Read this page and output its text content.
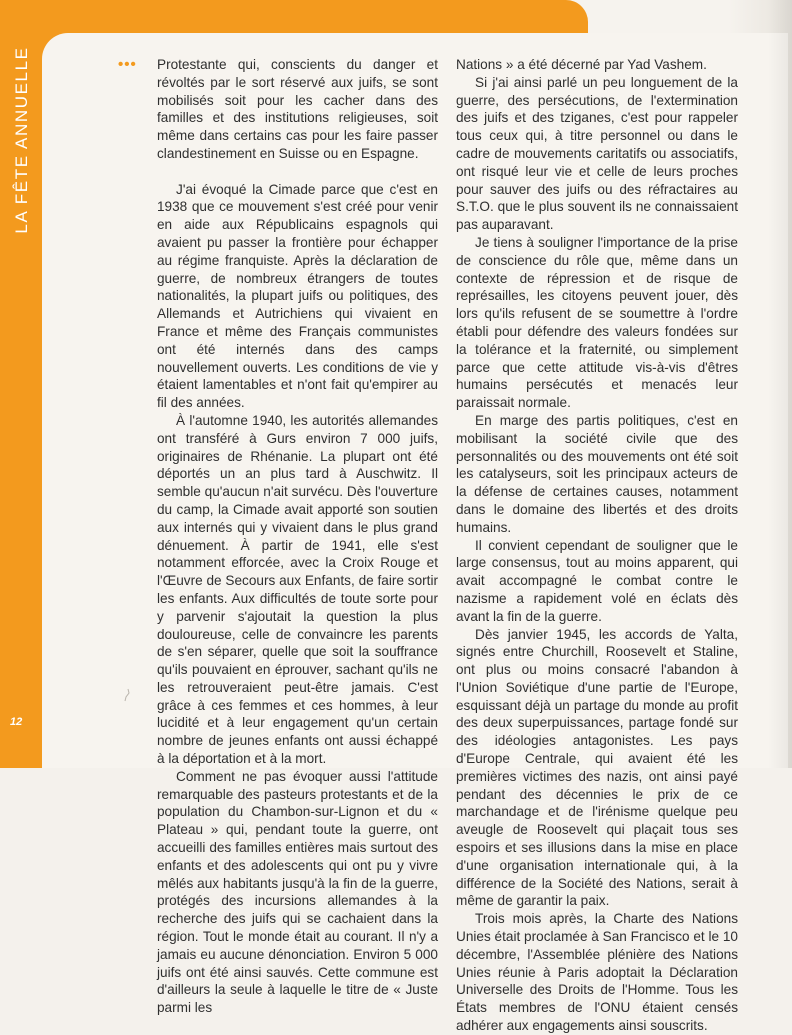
LA FÊTE ANNUELLE
12
••• Protestante qui, conscients du danger et révoltés par le sort réservé aux juifs, se sont mobilisés soit pour les cacher dans des familles et des institutions religieuses, soit même dans certains cas pour les faire passer clandestinement en Suisse ou en Espagne.

J'ai évoqué la Cimade parce que c'est en 1938 que ce mouvement s'est créé pour venir en aide aux Républicains espagnols qui avaient pu passer la frontière pour échapper au régime franquiste. Après la déclaration de guerre, de nombreux étrangers de toutes nationalités, la plupart juifs ou politiques, des Allemands et Autrichiens qui vivaient en France et même des Français communistes ont été internés dans des camps nouvellement ouverts. Les conditions de vie y étaient lamentables et n'ont fait qu'empirer au fil des années.

À l'automne 1940, les autorités allemandes ont transféré à Gurs environ 7 000 juifs, originaires de Rhénanie. La plupart ont été déportés un an plus tard à Auschwitz. Il semble qu'aucun n'ait survécu. Dès l'ouverture du camp, la Cimade avait apporté son soutien aux internés qui y vivaient dans le plus grand dénuement. À partir de 1941, elle s'est notamment efforcée, avec la Croix Rouge et l'Œuvre de Secours aux Enfants, de faire sortir les enfants. Aux difficultés de toute sorte pour y parvenir s'ajoutait la question la plus douloureuse, celle de convaincre les parents de s'en séparer, quelle que soit la souffrance qu'ils pouvaient en éprouver, sachant qu'ils ne les retrouveraient peut-être jamais. C'est grâce à ces femmes et ces hommes, à leur lucidité et à leur engagement qu'un certain nombre de jeunes enfants ont aussi échappé à la déportation et à la mort.

Comment ne pas évoquer aussi l'attitude remarquable des pasteurs protestants et de la population du Chambon-sur-Lignon et du « Plateau » qui, pendant toute la guerre, ont accueilli des familles entières mais surtout des enfants et des adolescents qui ont pu y vivre mêlés aux habitants jusqu'à la fin de la guerre, protégés des incursions allemandes à la recherche des juifs qui se cachaient dans la région. Tout le monde était au courant. Il n'y a jamais eu aucune dénonciation. Environ 5 000 juifs ont été ainsi sauvés. Cette commune est d'ailleurs la seule à laquelle le titre de « Juste parmi les

Nations » a été décerné par Yad Vashem.

Si j'ai ainsi parlé un peu longuement de la guerre, des persécutions, de l'extermination des juifs et des tziganes, c'est pour rappeler tous ceux qui, à titre personnel ou dans le cadre de mouvements caritatifs ou associatifs, ont risqué leur vie et celle de leurs proches pour sauver des juifs ou des réfractaires au S.T.O. que le plus souvent ils ne connaissaient pas auparavant.

Je tiens à souligner l'importance de la prise de conscience du rôle que, même dans un contexte de répression et de risque de représailles, les citoyens peuvent jouer, dès lors qu'ils refusent de se soumettre à l'ordre établi pour défendre des valeurs fondées sur la tolérance et la fraternité, ou simplement parce que cette attitude vis-à-vis d'êtres humains persécutés et menacés leur paraissait normale.

En marge des partis politiques, c'est en mobilisant la société civile que des personnalités ou des mouvements ont été soit les catalyseurs, soit les principaux acteurs de la défense de certaines causes, notamment dans le domaine des libertés et des droits humains.

Il convient cependant de souligner que le large consensus, tout au moins apparent, qui avait accompagné le combat contre le nazisme a rapidement volé en éclats dès avant la fin de la guerre.

Dès janvier 1945, les accords de Yalta, signés entre Churchill, Roosevelt et Staline, ont plus ou moins consacré l'abandon à l'Union Soviétique d'une partie de l'Europe, esquissant déjà un partage du monde au profit des deux superpuissances, partage fondé sur des idéologies antagonistes. Les pays d'Europe Centrale, qui avaient été les premières victimes des nazis, ont ainsi payé pendant des décennies le prix de ce marchandage et de l'irénisme quelque peu aveugle de Roosevelt qui plaçait tous ses espoirs et ses illusions dans la mise en place d'une organisation internationale qui, à la différence de la Société des Nations, serait à même de garantir la paix.

Trois mois après, la Charte des Nations Unies était proclamée à San Francisco et le 10 décembre, l'Assemblée plénière des Nations Unies réunie à Paris adoptait la Déclaration Universelle des Droits de l'Homme. Tous les États membres de l'ONU étaient censés adhérer aux engagements ainsi souscrits.
